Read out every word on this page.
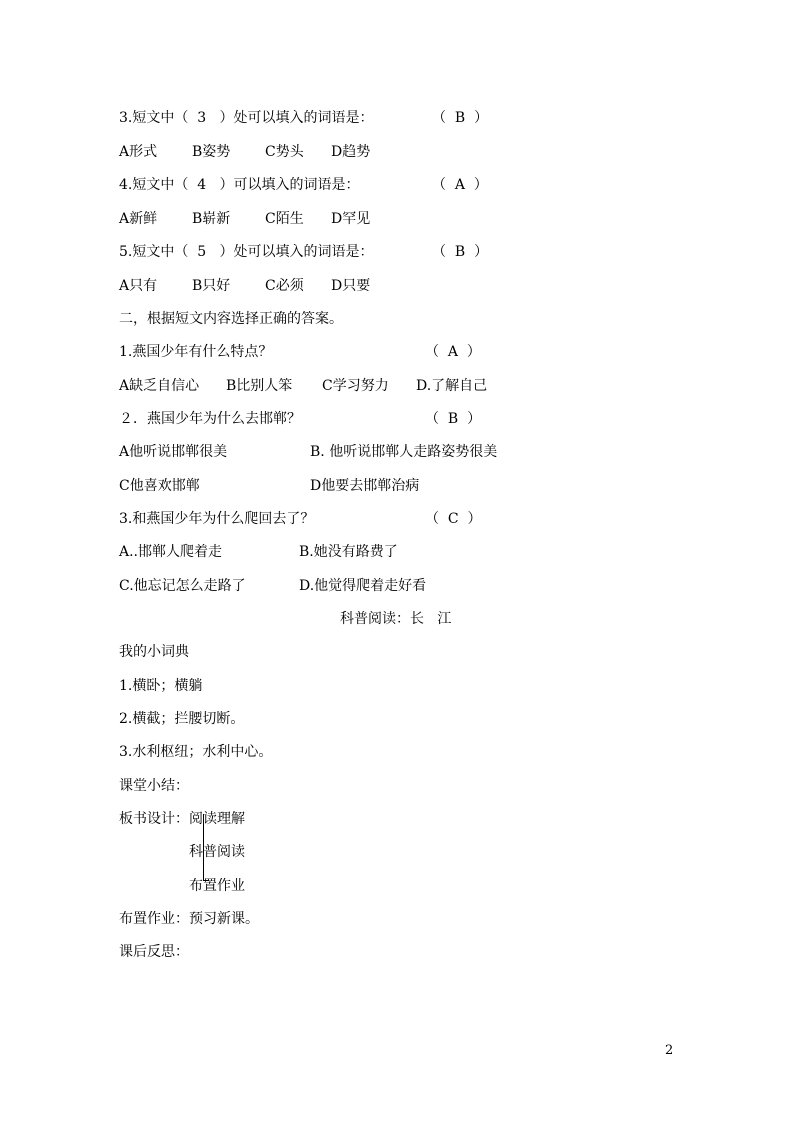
3.短文中（  3   ）处可以填入的词语是：	（  B  ）
A形式 B姿势 C势头 D趋势
4.短文中（  4   ）可以填入的词语是：	（  A  ）
A新鲜 B崭新 C陌生 D罕见
5.短文中（  5   ）处可以填入的词语是：	（  B  ）
A只有 B只好 C必须 D只要
二，根据短文内容选择正确的答案。
1.燕国少年有什么特点？	（  A  ）
A缺乏自信心 B比别人笨 C学习努力 D.了解自己
２．燕国少年为什么去邯郸？	（  B  ）
A他听说邯郸很美	B. 他听说邯郸人走路姿势很美
C他喜欢邯郸	D他要去邯郸治病
3.和燕国少年为什么爬回去了？	（  C  ）
A..邯郸人爬着走	B.她没有路费了
C.他忘记怎么走路了	D.他觉得爬着走好看
科普阅读：长   江
我的小词典
1.横卧；横躺
2.横截；拦腰切断。
3.水利枢纽；水利中心。
课堂小结：
板书设计： 阅读理解
科普阅读
布置作业
布置作业：预习新课。
课后反思：
2
